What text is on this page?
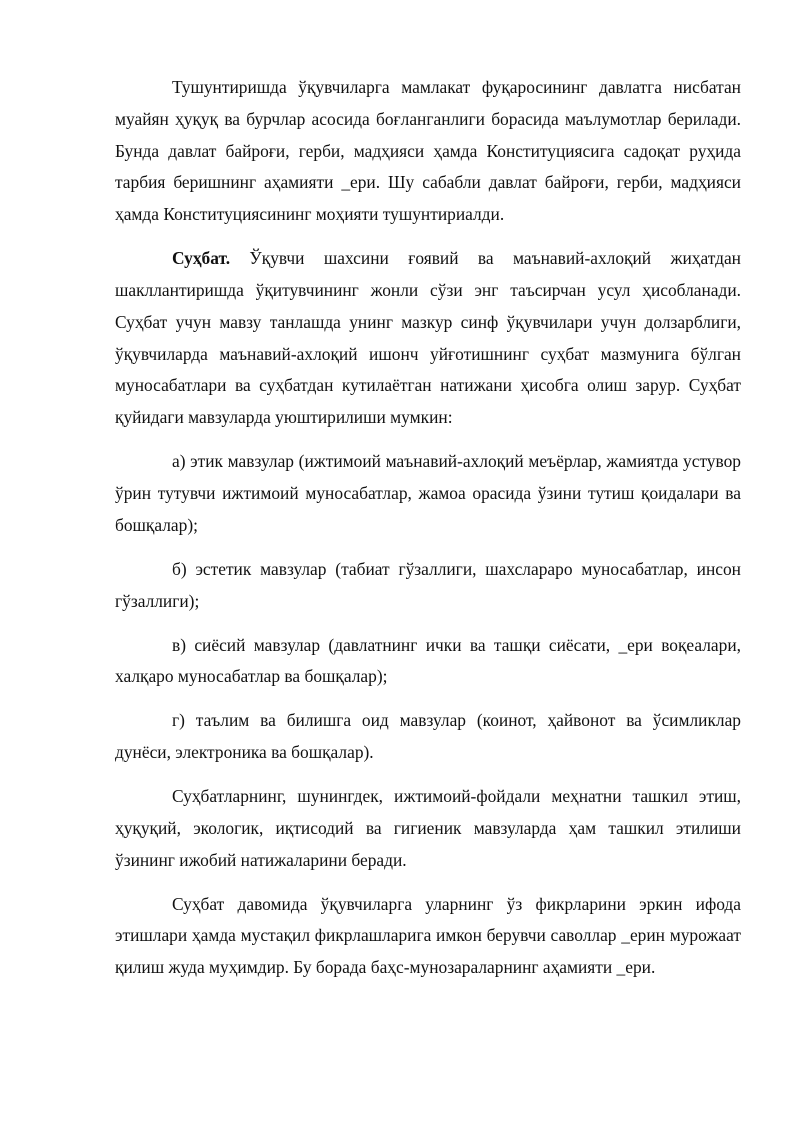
Тушунтиришда ўқувчиларга мамлакат фуқаросининг давлатга нисбатан муайян ҳуқуқ ва бурчлар асосида боғланганлиги борасида маълумотлар берилади. Бунда давлат байроғи, герби, мадҳияси ҳамда Конституциясига садоқат руҳида тарбия беришнинг аҳамияти _ери. Шу сабабли давлат байроғи, герби, мадҳияси ҳамда Конституциясининг моҳияти тушунтириалди.

Суҳбат. Ўқувчи шахсини ғоявий ва маънавий-ахлоқий жиҳатдан шакллантиришда ўқитувчининг жонли сўзи энг таъсирчан усул ҳисобланади. Суҳбат учун мавзу танлашда унинг мазкур синф ўқувчилари учун долзарблиги, ўқувчиларда маънавий-ахлоқий ишонч уйғотишнинг суҳбат мазмунига бўлган муносабатлари ва суҳбатдан кутилаётган натижани ҳисобга олиш зарур. Суҳбат қуйидаги мавзуларда уюштирилиши мумкин:

а) этик мавзулар (ижтимоий маънавий-ахлоқий меъёрлар, жамиятда устувор ўрин тутувчи ижтимоий муносабатлар, жамоа орасида ўзини тутиш қоидалари ва бошқалар);

б) эстетик мавзулар (табиат гўзаллиги, шахслараро муносабатлар, инсон гўзаллиги);

в) сиёсий мавзулар (давлатнинг ички ва ташқи сиёсати, _ери воқеалари, халқаро муносабатлар ва бошқалар);

г) таълим ва билишга оид мавзулар (коинот, ҳайвонот ва ўсимликлар дунёси, электроника ва бошқалар).

Суҳбатларнинг, шунингдек, ижтимоий-фойдали меҳнатни ташкил этиш, ҳуқуқий, экологик, иқтисодий ва гигиеник мавзуларда ҳам ташкил этилиши ўзининг ижобий натижаларини беради.

Суҳбат давомида ўқувчиларга уларнинг ўз фикрларини эркин ифода этишлари ҳамда мустақил фикрлашларига имкон берувчи саволлар _ерин мурожаат қилиш жуда муҳимдир. Бу борада баҳс-мунозараларнинг аҳамияти _ери.
